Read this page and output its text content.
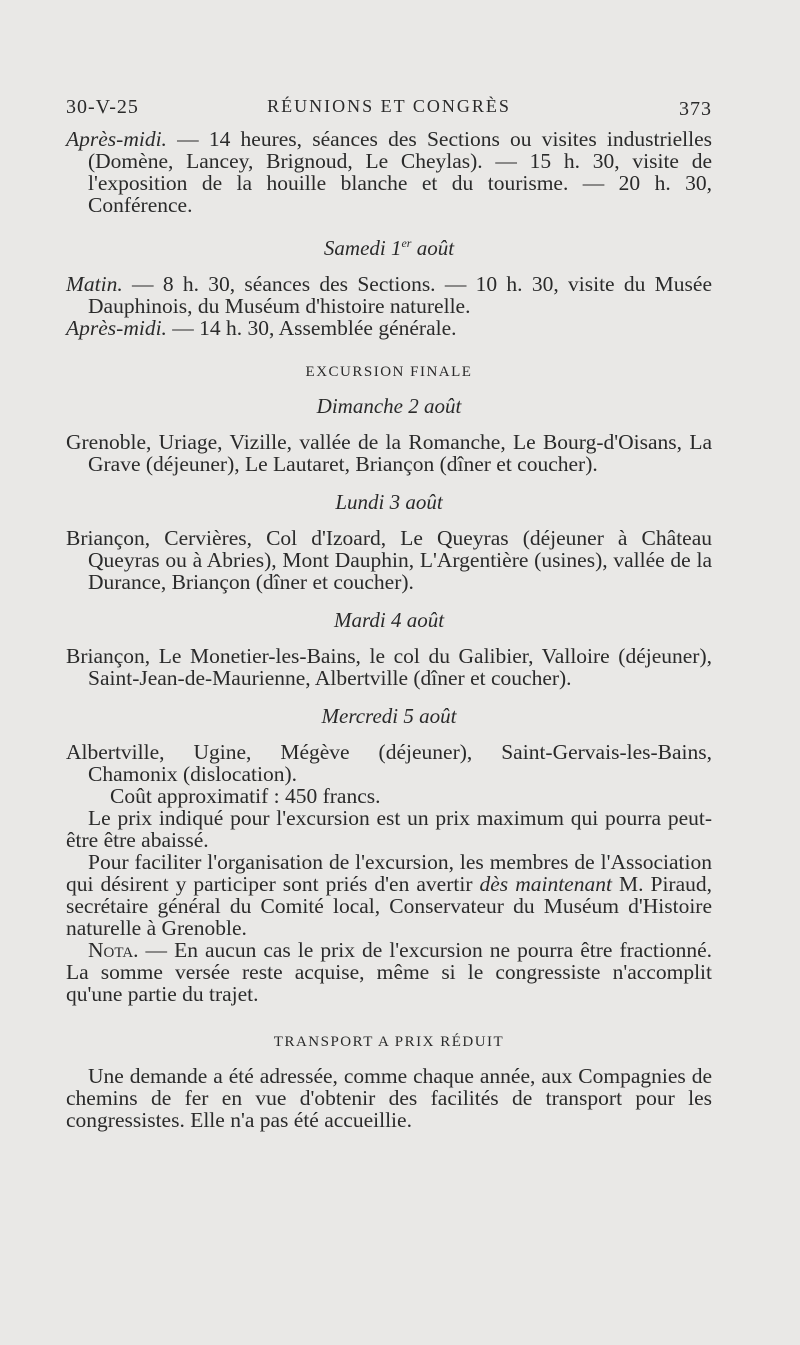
30-V-25	RÉUNIONS ET CONGRÈS	373

Après-midi. — 14 heures, séances des Sections ou visites industrielles (Domène, Lancey, Brignoud, Le Cheylas). — 15 h. 30, visite de l'exposition de la houille blanche et du tourisme. — 20 h. 30, Conférence.

Samedi 1er août

Matin. — 8 h. 30, séances des Sections. — 10 h. 30, visite du Musée Dauphinois, du Muséum d'histoire naturelle.

Après-midi. — 14 h. 30, Assemblée générale.

EXCURSION FINALE
Dimanche 2 août

Grenoble, Uriage, Vizille, vallée de la Romanche, Le Bourg-d'Oisans, La Grave (déjeuner), Le Lautaret, Briançon (dîner et coucher).

Lundi 3 août

Briançon, Cervières, Col d'Izoard, Le Queyras (déjeuner à Château Queyras ou à Abries), Mont Dauphin, L'Argentière (usines), vallée de la Durance, Briançon (dîner et coucher).

Mardi 4 août

Briançon, Le Monetier-les-Bains, le col du Galibier, Valloire (déjeuner), Saint-Jean-de-Maurienne, Albertville (dîner et coucher).

Mercredi 5 août

Albertville, Ugine, Mégève (déjeuner), Saint-Gervais-les-Bains, Chamonix (dislocation).

Coût approximatif : 450 francs.

Le prix indiqué pour l'excursion est un prix maximum qui pourra peut-être être abaissé.

Pour faciliter l'organisation de l'excursion, les membres de l'Association qui désirent y participer sont priés d'en avertir dès maintenant M. Piraud, secrétaire général du Comité local, Conservateur du Muséum d'Histoire naturelle à Grenoble.

Nota. — En aucun cas le prix de l'excursion ne pourra être fractionné. La somme versée reste acquise, même si le congressiste n'accomplit qu'une partie du trajet.

TRANSPORT A PRIX RÉDUIT

Une demande a été adressée, comme chaque année, aux Compagnies de chemins de fer en vue d'obtenir des facilités de transport pour les congressistes. Elle n'a pas été accueillie.
